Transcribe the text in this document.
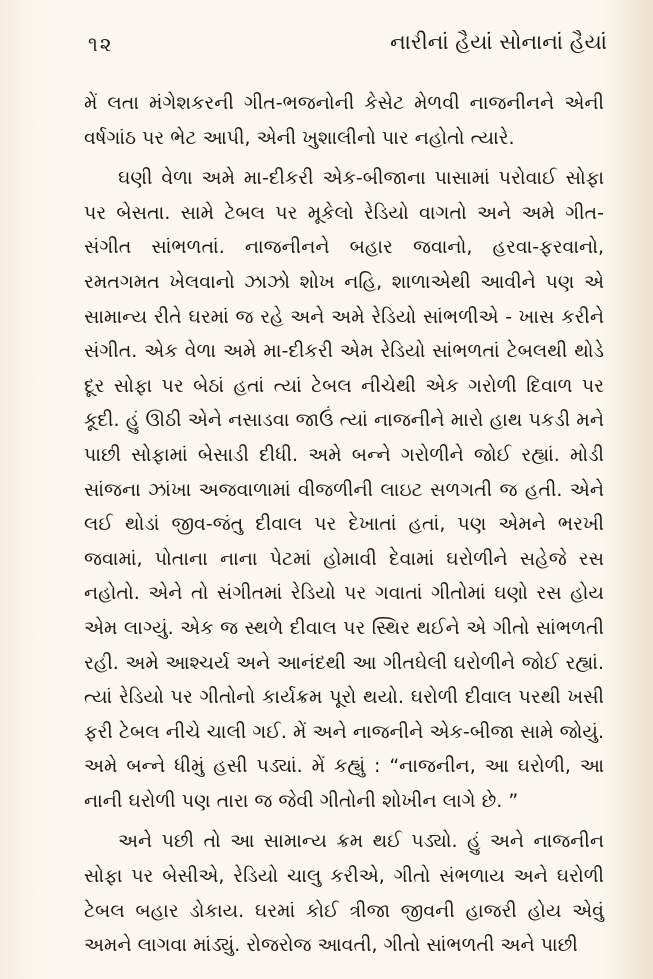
૧૨	નારીનાં હૈયાં સોનાનાં હૈયાં

મેં લતા મંગેશકરની ગીત-ભજનોની કેસેટ મેળવી નાજનીનને એની વર્ષગાંઠ પર ભેટ આપી, એની ખુશાલીનો પાર નહોતો ત્યારે.

ઘણી વેળા અમે મા-દીકરી એક-બીજાના પાસામાં પરોવાઈ સોફા પર બેસતા. સામે ટેબલ પર મૂકેલો રેડિયો વાગતો અને અમે ગીત-સંગીત સાંભળતાં. નાજનીનને બહાર જવાનો, હરવા-ફરવાનો, રમતગમત ખેલવાનો ઝાઝો શોખ નહિ, શાળાએથી આવીને પણ એ સામાન્ય રીતે ઘરમાં જ રહે અને અમે રેડિયો સાંભળીએ - ખાસ કરીને સંગીત. એક વેળા અમે મા-દીકરી એમ રેડિયો સાંભળતાં ટેબલથી થોડે દૂર સોફા પર બેઠાં હતાં ત્યાં ટેબલ નીચેથી એક ગરોળી દિવાળ પર કૂદી. હું ઊઠી એને નસાડવા જાઉં ત્યાં નાજનીને મારો હાથ પકડી મને પાછી સોફામાં બેસાડી દીધી. અમે બન્ને ગરોળીને જોઈ રહ્યાં. મોડી સાંજના ઝાંખા અજવાળામાં વીજળીની લાઇટ સળગતી જ હતી. એને લઈ થોડાં જીવ-જંતુ દીવાલ પર દેખાતાં હતાં, પણ એમને ભરખી જવામાં, પોતાના નાના પેટમાં હોમાવી દેવામાં ઘરોળીને સહેજે રસ નહોતો. એને તો સંગીતમાં રેડિયો પર ગવાતાં ગીતોમાં ઘણો રસ હોય એમ લાગ્યું. એક જ સ્થળે દીવાલ પર સ્થિર થઈને એ ગીતો સાંભળતી રહી. અમે આશ્ચર્ય અને આનંદથી આ ગીતઘેલી ઘરોળીને જોઈ રહ્યાં. ત્યાં રેડિયો પર ગીતોનો કાર્યક્રમ પૂરો થયો. ઘરોળી દીવાલ પરથી ખસી ફરી ટેબલ નીચે ચાલી ગઈ. મેં અને નાજનીને એક-બીજા સામે જોયું. અમે બન્ને ધીમું હસી પડ્યાં. મેં કહ્યું : “નાજનીન, આ ઘરોળી, આ નાની ઘરોળી પણ તારા જ જેવી ગીતોની શોખીન લાગે છે. ”

અને પછી તો આ સામાન્ય ક્રમ થઈ પડ્યો. હું અને નાજનીન સોફા પર બેસીએ, રેડિયો ચાલુ કરીએ, ગીતો સંભળાય અને ઘરોળી ટેબલ બહાર ડોકાય. ઘરમાં કોઈ ત્રીજા જીવની હાજરી હોય એવું અમને લાગવા માંડ્યું. રોજરોજ આવતી, ગીતો સાંભળતી અને પાછી
